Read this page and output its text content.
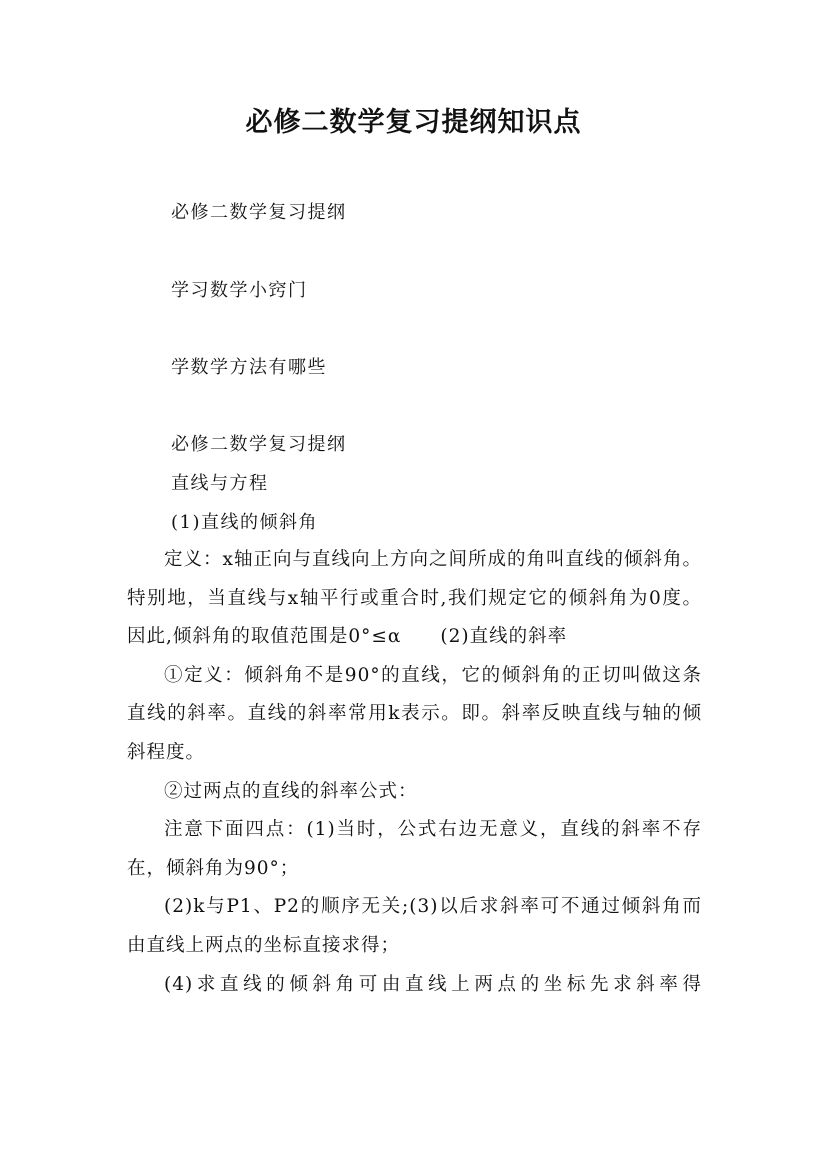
必修二数学复习提纲知识点
必修二数学复习提纲
学习数学小窍门
学数学方法有哪些
必修二数学复习提纲
直线与方程
(1)直线的倾斜角

定义：x轴正向与直线向上方向之间所成的角叫直线的倾斜角。特别地，当直线与x轴平行或重合时,我们规定它的倾斜角为0度。因此,倾斜角的取值范围是0°≤α　　(2)直线的斜率

①定义：倾斜角不是90°的直线，它的倾斜角的正切叫做这条直线的斜率。直线的斜率常用k表示。即。斜率反映直线与轴的倾斜程度。

②过两点的直线的斜率公式：

注意下面四点：(1)当时，公式右边无意义，直线的斜率不存在，倾斜角为90°；

(2)k与P1、P2的顺序无关;(3)以后求斜率可不通过倾斜角而由直线上两点的坐标直接求得；

(4)求直线的倾斜角可由直线上两点的坐标先求斜率得
